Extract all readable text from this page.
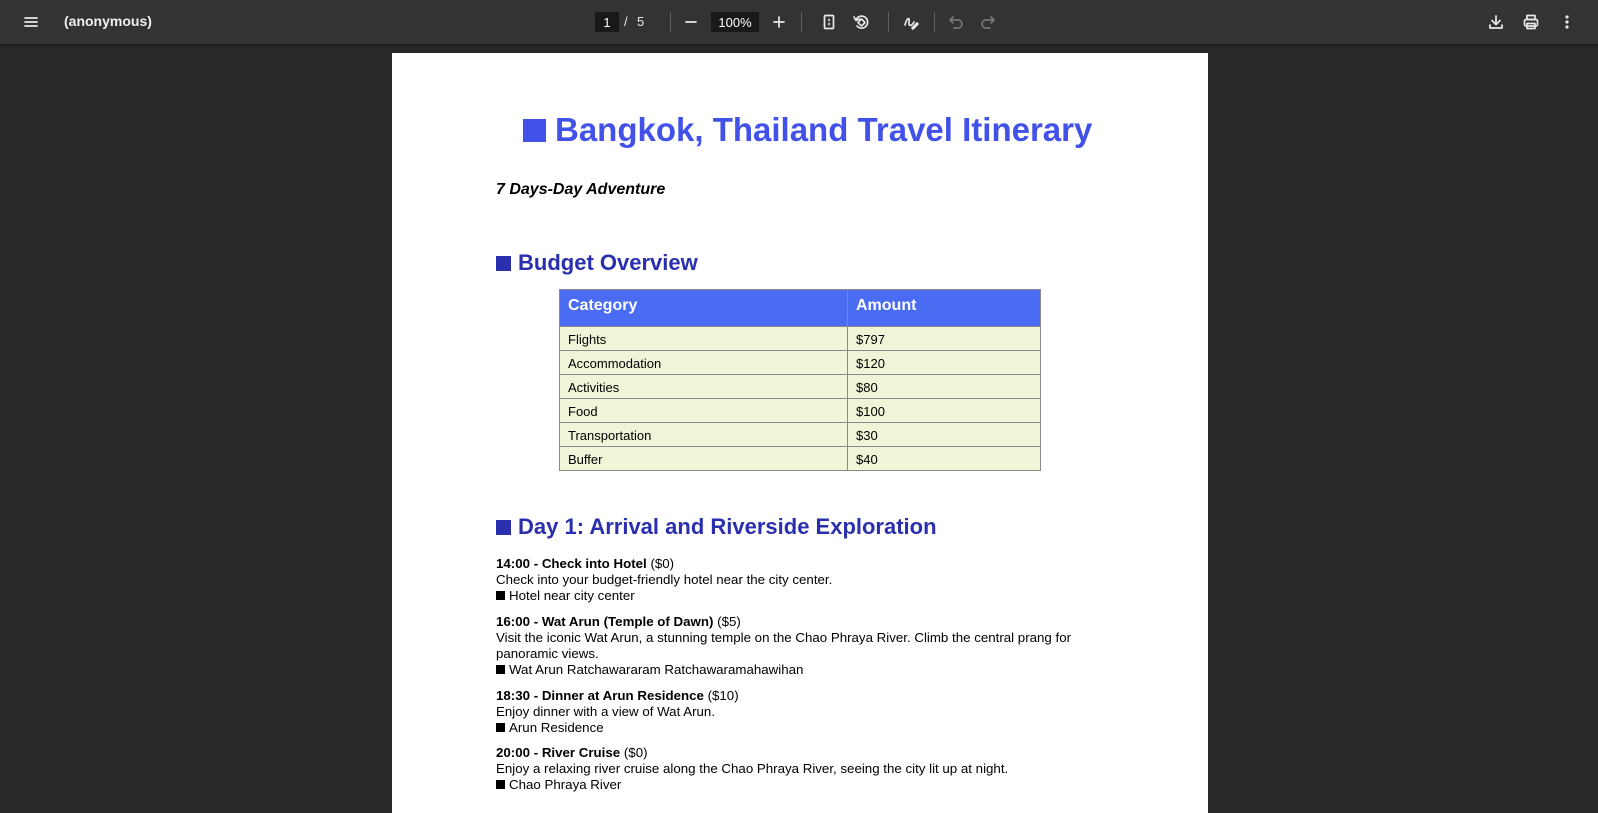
(anonymous)	1	/ 5	100%
Bangkok, Thailand Travel Itinerary
7 Days-Day Adventure
Budget Overview
Category	Amount
Flights	$797
Accommodation	$120
Activities	$80
Food	$100
Transportation	$30
Buffer	$40
Day 1: Arrival and Riverside Exploration
14:00 - Check into Hotel ($0)
Check into your budget-friendly hotel near the city center.
Hotel near city center
16:00 - Wat Arun (Temple of Dawn) ($5)
Visit the iconic Wat Arun, a stunning temple on the Chao Phraya River. Climb the central prang for panoramic views.
Wat Arun Ratchawararam Ratchawaramahawihan
18:30 - Dinner at Arun Residence ($10)
Enjoy dinner with a view of Wat Arun.
Arun Residence
20:00 - River Cruise ($0)
Enjoy a relaxing river cruise along the Chao Phraya River, seeing the city lit up at night.
Chao Phraya River
